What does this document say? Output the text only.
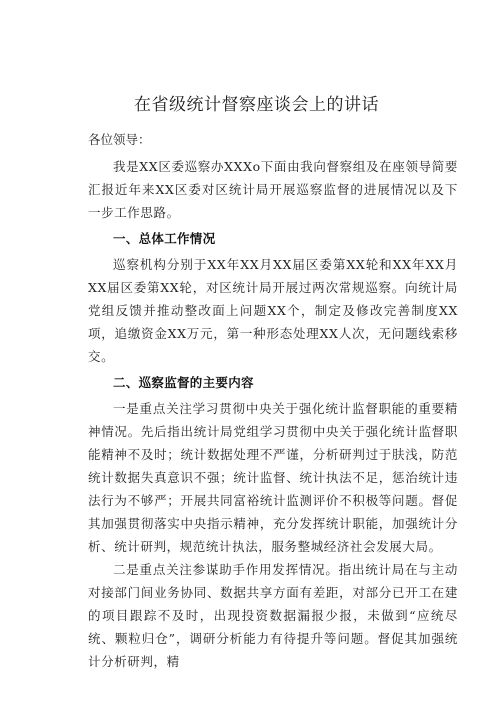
在省级统计督察座谈会上的讲话

各位领导：

我是XX区委巡察办XXXo下面由我向督察组及在座领导简要汇报近年来XX区委对区统计局开展巡察监督的进展情况以及下一步工作思路。

一、总体工作情况

巡察机构分别于XX年XX月XX届区委第XX轮和XX年XX月XX届区委第XX轮，对区统计局开展过两次常规巡察。向统计局党组反馈并推动整改面上问题XX个，制定及修改完善制度XX项，追缴资金XX万元，第一种形态处理XX人次，无问题线索移交。

二、巡察监督的主要内容

一是重点关注学习贯彻中央关于强化统计监督职能的重要精神情况。先后指出统计局党组学习贯彻中央关于强化统计监督职能精神不及时；统计数据处理不严谨，分析研判过于肤浅，防范统计数据失真意识不强；统计监督、统计执法不足，惩治统计违法行为不够严；开展共同富裕统计监测评价不积极等问题。督促其加强贯彻落实中央指示精神，充分发挥统计职能，加强统计分析、统计研判，规范统计执法，服务整城经济社会发展大局。

二是重点关注参谋助手作用发挥情况。指出统计局在与主动对接部门间业务协同、数据共享方面有差距，对部分已开工在建的项目跟踪不及时，出现投资数据漏报少报，未做到“应统尽统、颗粒归仓”，调研分析能力有待提升等问题。督促其加强统计分析研判，精
